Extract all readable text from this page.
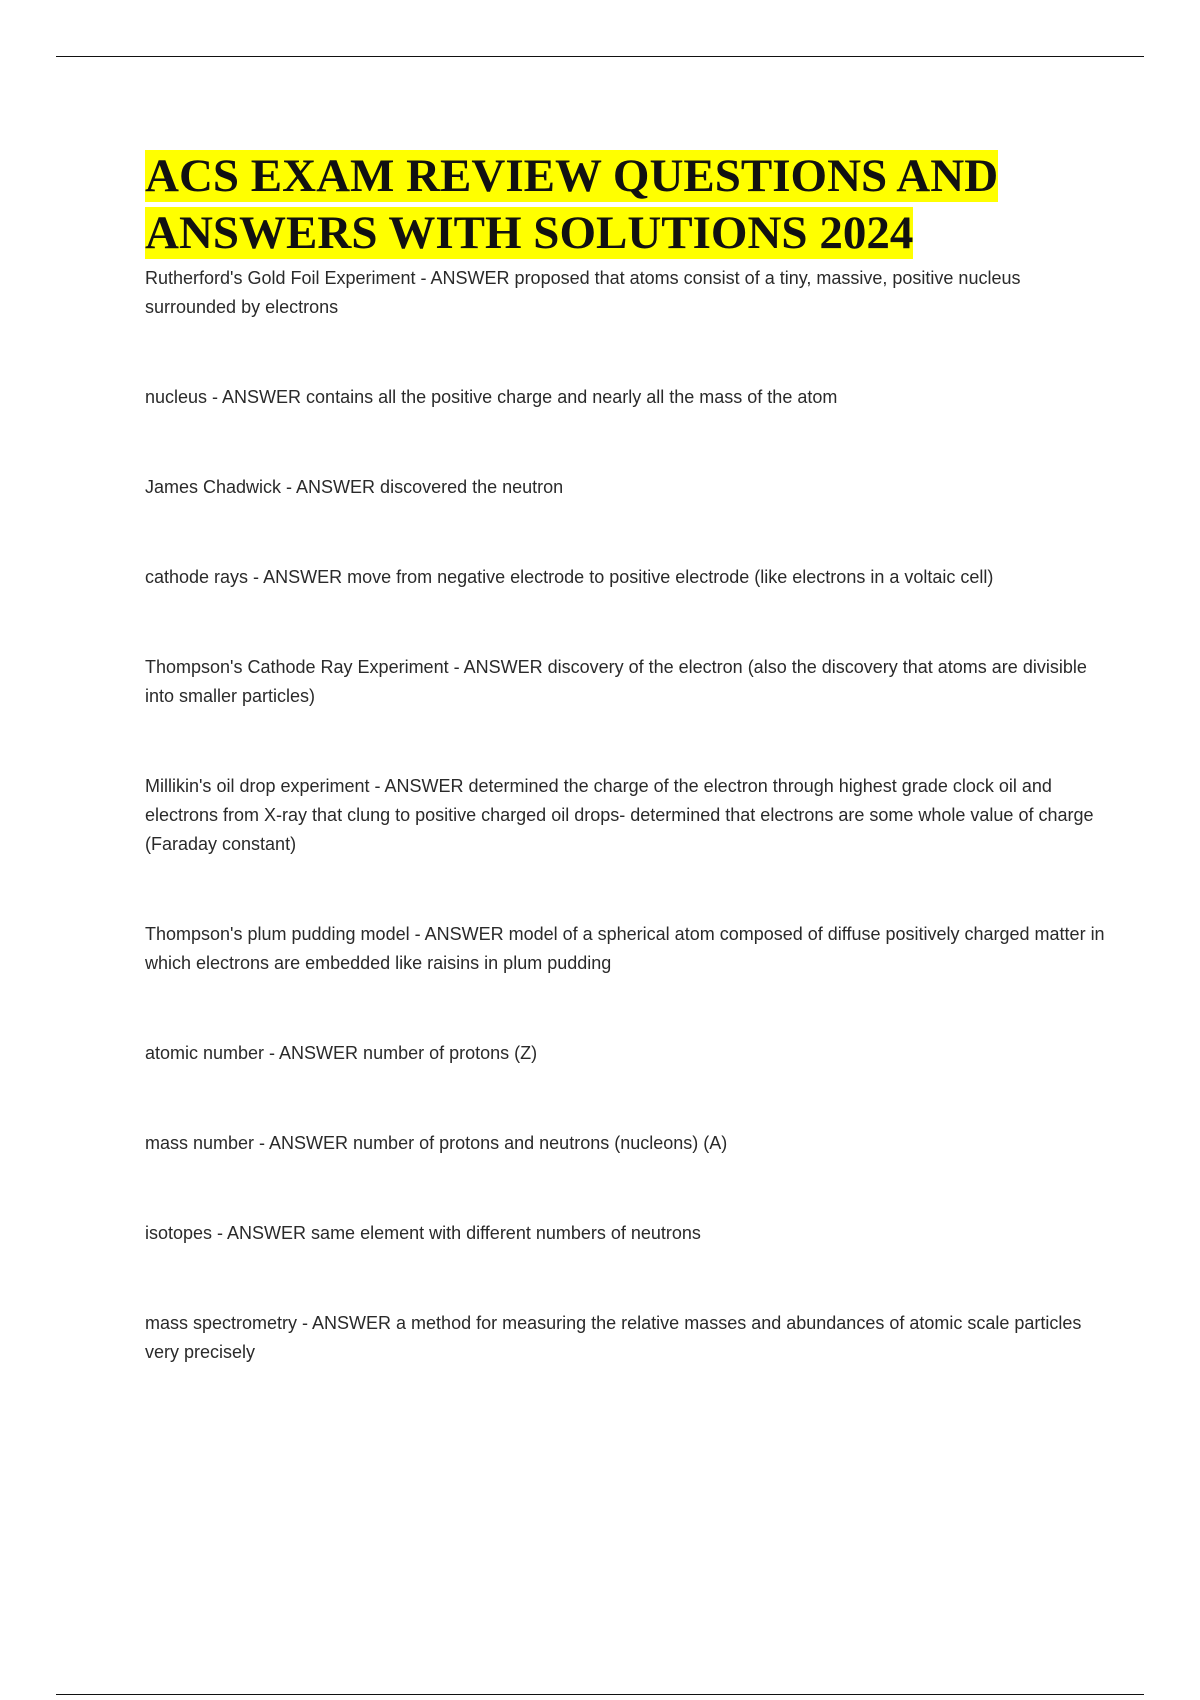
ACS EXAM REVIEW QUESTIONS AND
ANSWERS WITH SOLUTIONS 2024
Rutherford's Gold Foil Experiment - ANSWER proposed that atoms consist of a tiny, massive, positive nucleus surrounded by electrons
nucleus - ANSWER contains all the positive charge and nearly all the mass of the atom
James Chadwick - ANSWER discovered the neutron
cathode rays - ANSWER move from negative electrode to positive electrode (like electrons in a voltaic cell)
Thompson's Cathode Ray Experiment - ANSWER discovery of the electron (also the discovery that atoms are divisible into smaller particles)
Millikin's oil drop experiment - ANSWER determined the charge of the electron through highest grade clock oil and electrons from X-ray that clung to positive charged oil drops- determined that electrons are some whole value of charge (Faraday constant)
Thompson's plum pudding model - ANSWER model of a spherical atom composed of diffuse positively charged matter in which electrons are embedded like raisins in plum pudding
atomic number - ANSWER number of protons (Z)
mass number - ANSWER number of protons and neutrons (nucleons) (A)
isotopes - ANSWER same element with different numbers of neutrons
mass spectrometry - ANSWER a method for measuring the relative masses and abundances of atomic scale particles very precisely
